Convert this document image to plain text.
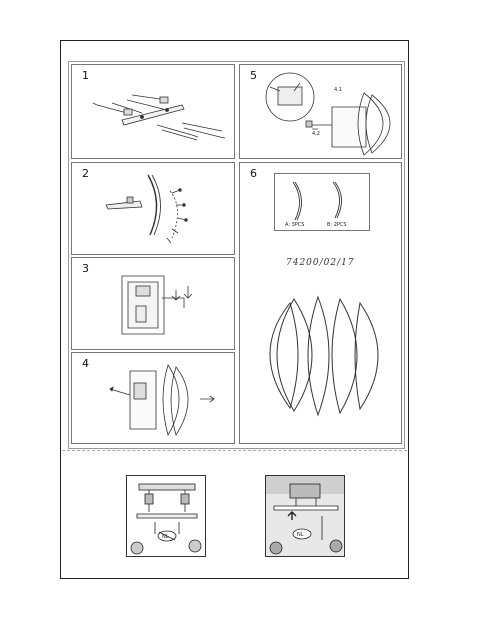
1
2
3
4
5
4.1
4.2
6
A: 3PCS	B: 2PCS
74200/02/17
NL	NL
